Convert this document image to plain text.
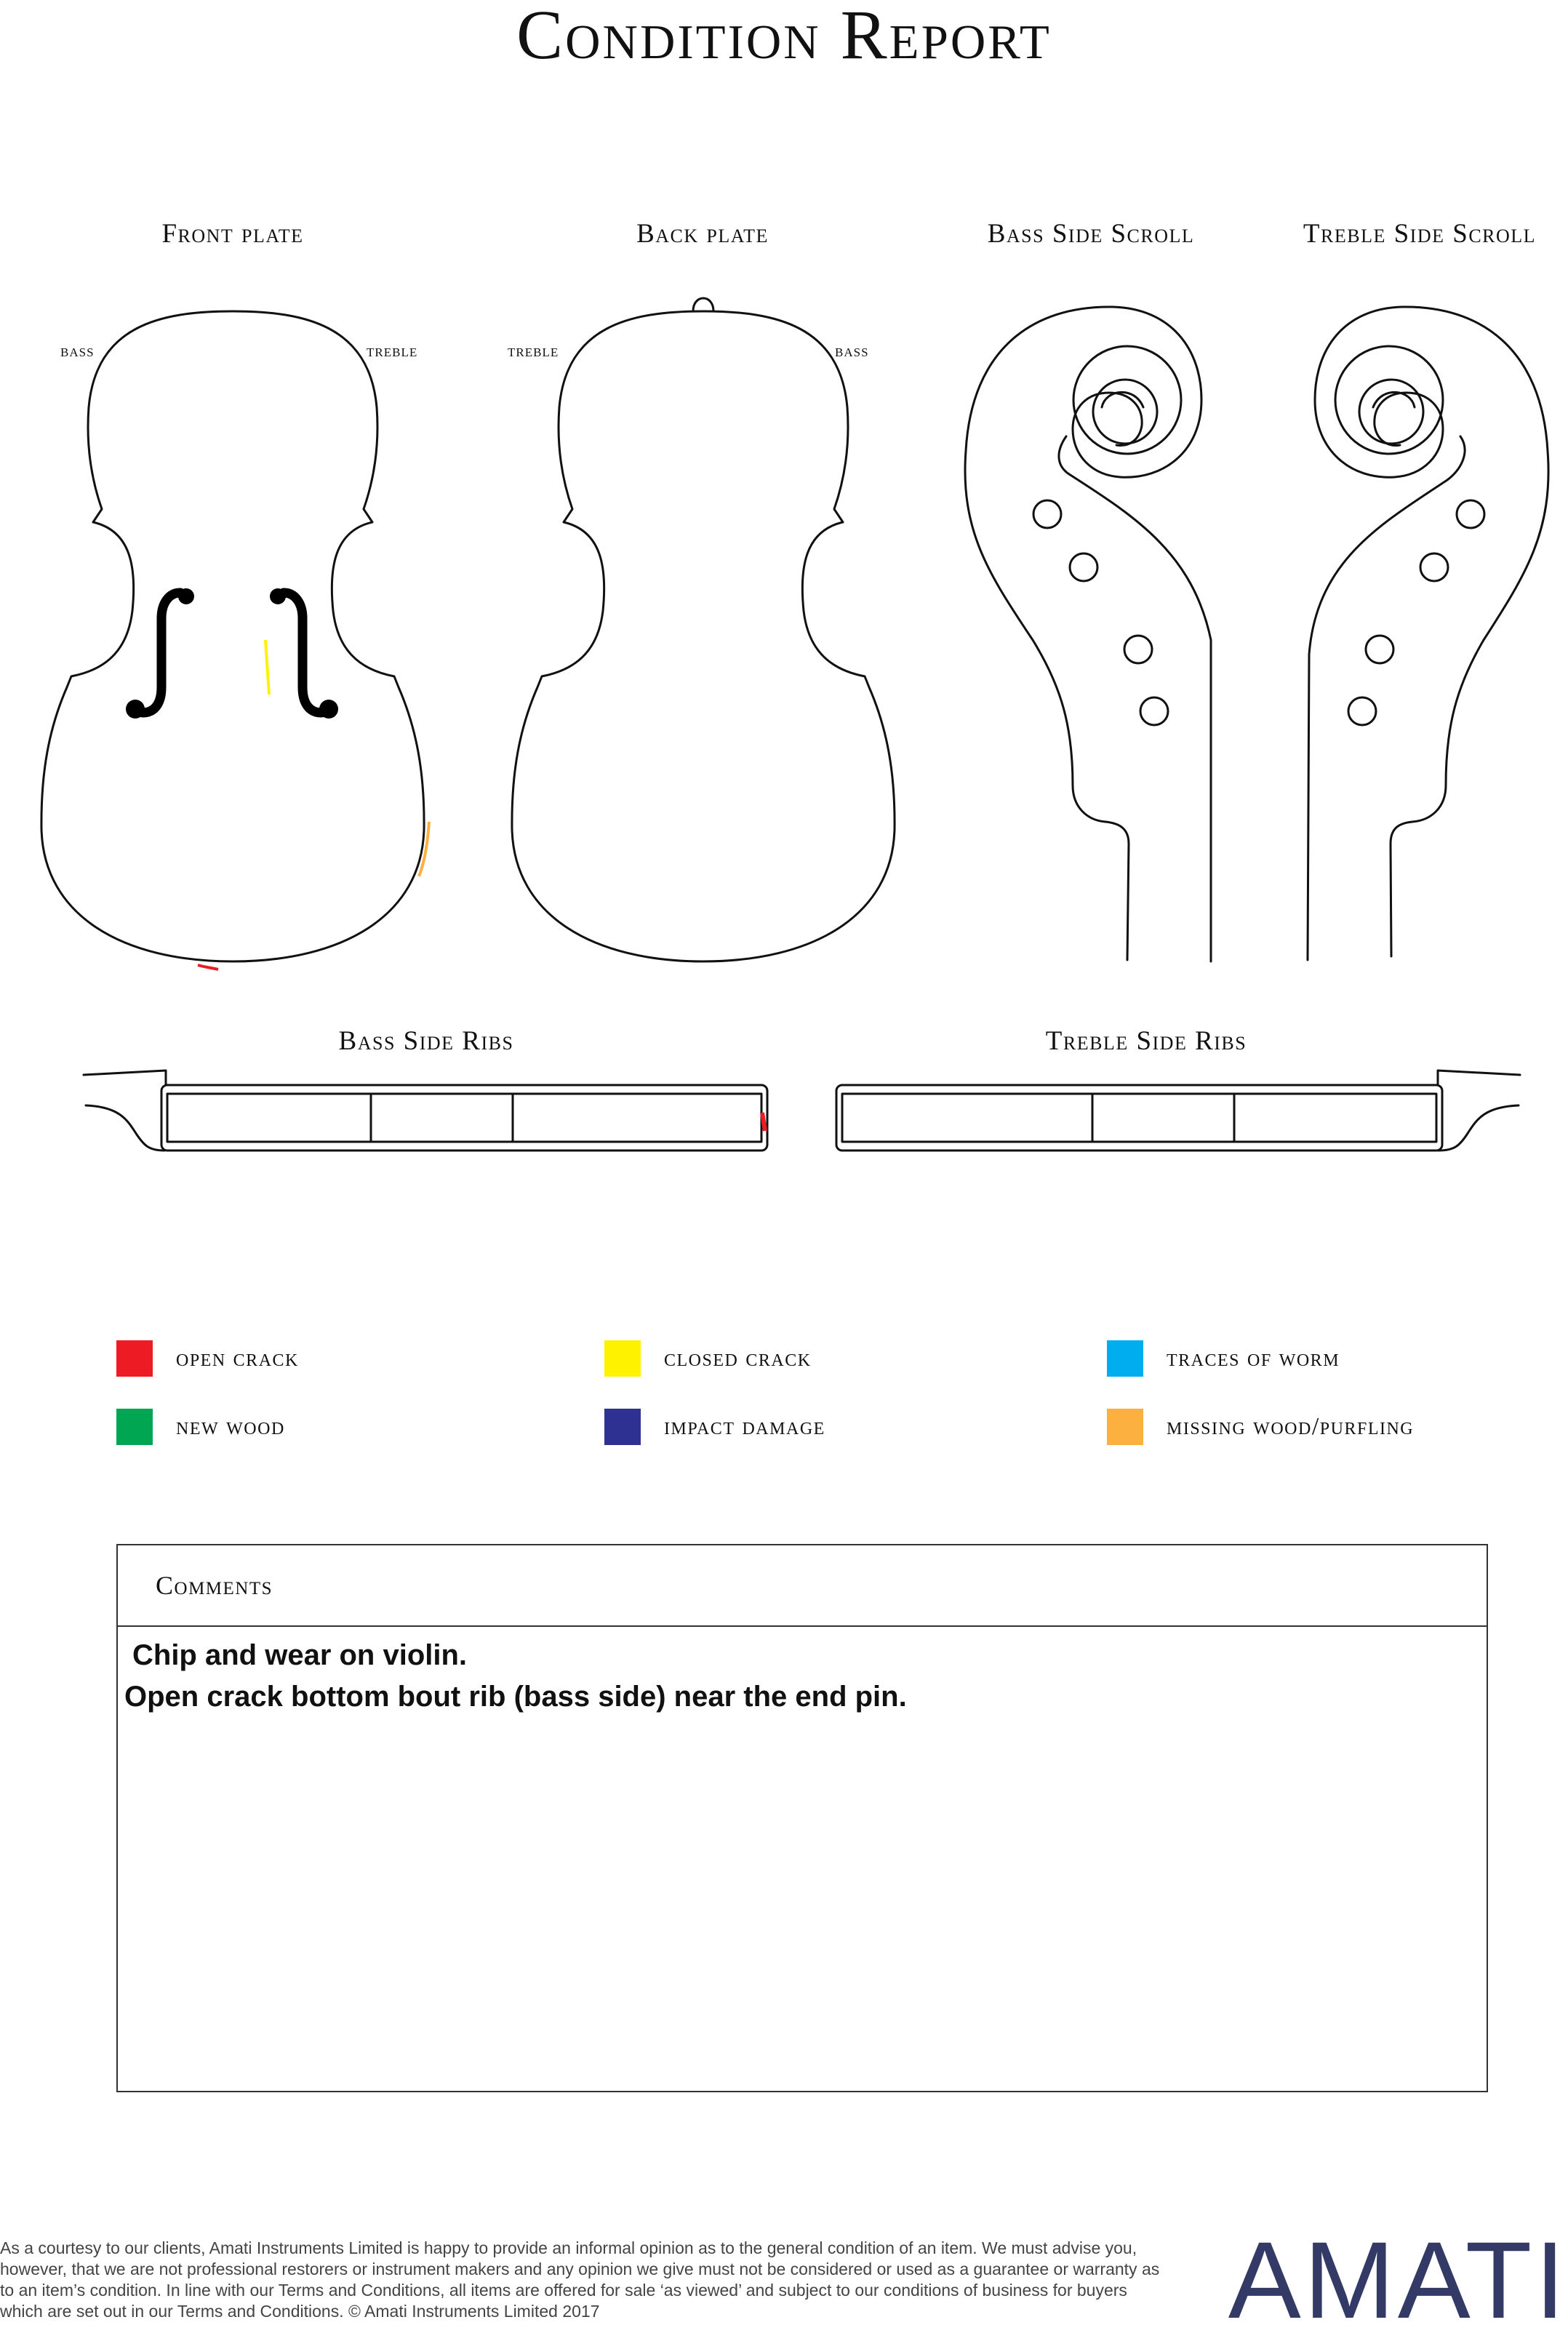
Condition Report
Front plate	Back plate	Bass Side Scroll	Treble Side Scroll
Bass Side Ribs	Treble Side Ribs
bass	treble	treble	bass
open crack	closed crack	traces of worm
new wood	impact damage	missing wood/purfling
Comments
Chip and wear on violin.
Open crack bottom bout rib (bass side) near the end pin.
As a courtesy to our clients, Amati Instruments Limited is happy to provide an informal opinion as to the general condition of an item. We must advise you, however, that we are not professional restorers or instrument makers and any opinion we give must not be considered or used as a guarantee or warranty as to an item’s condition. In line with our Terms and Conditions, all items are offered for sale ‘as viewed’ and subject to our conditions of business for buyers which are set out in our Terms and Conditions. © Amati Instruments Limited 2017	AMATI
